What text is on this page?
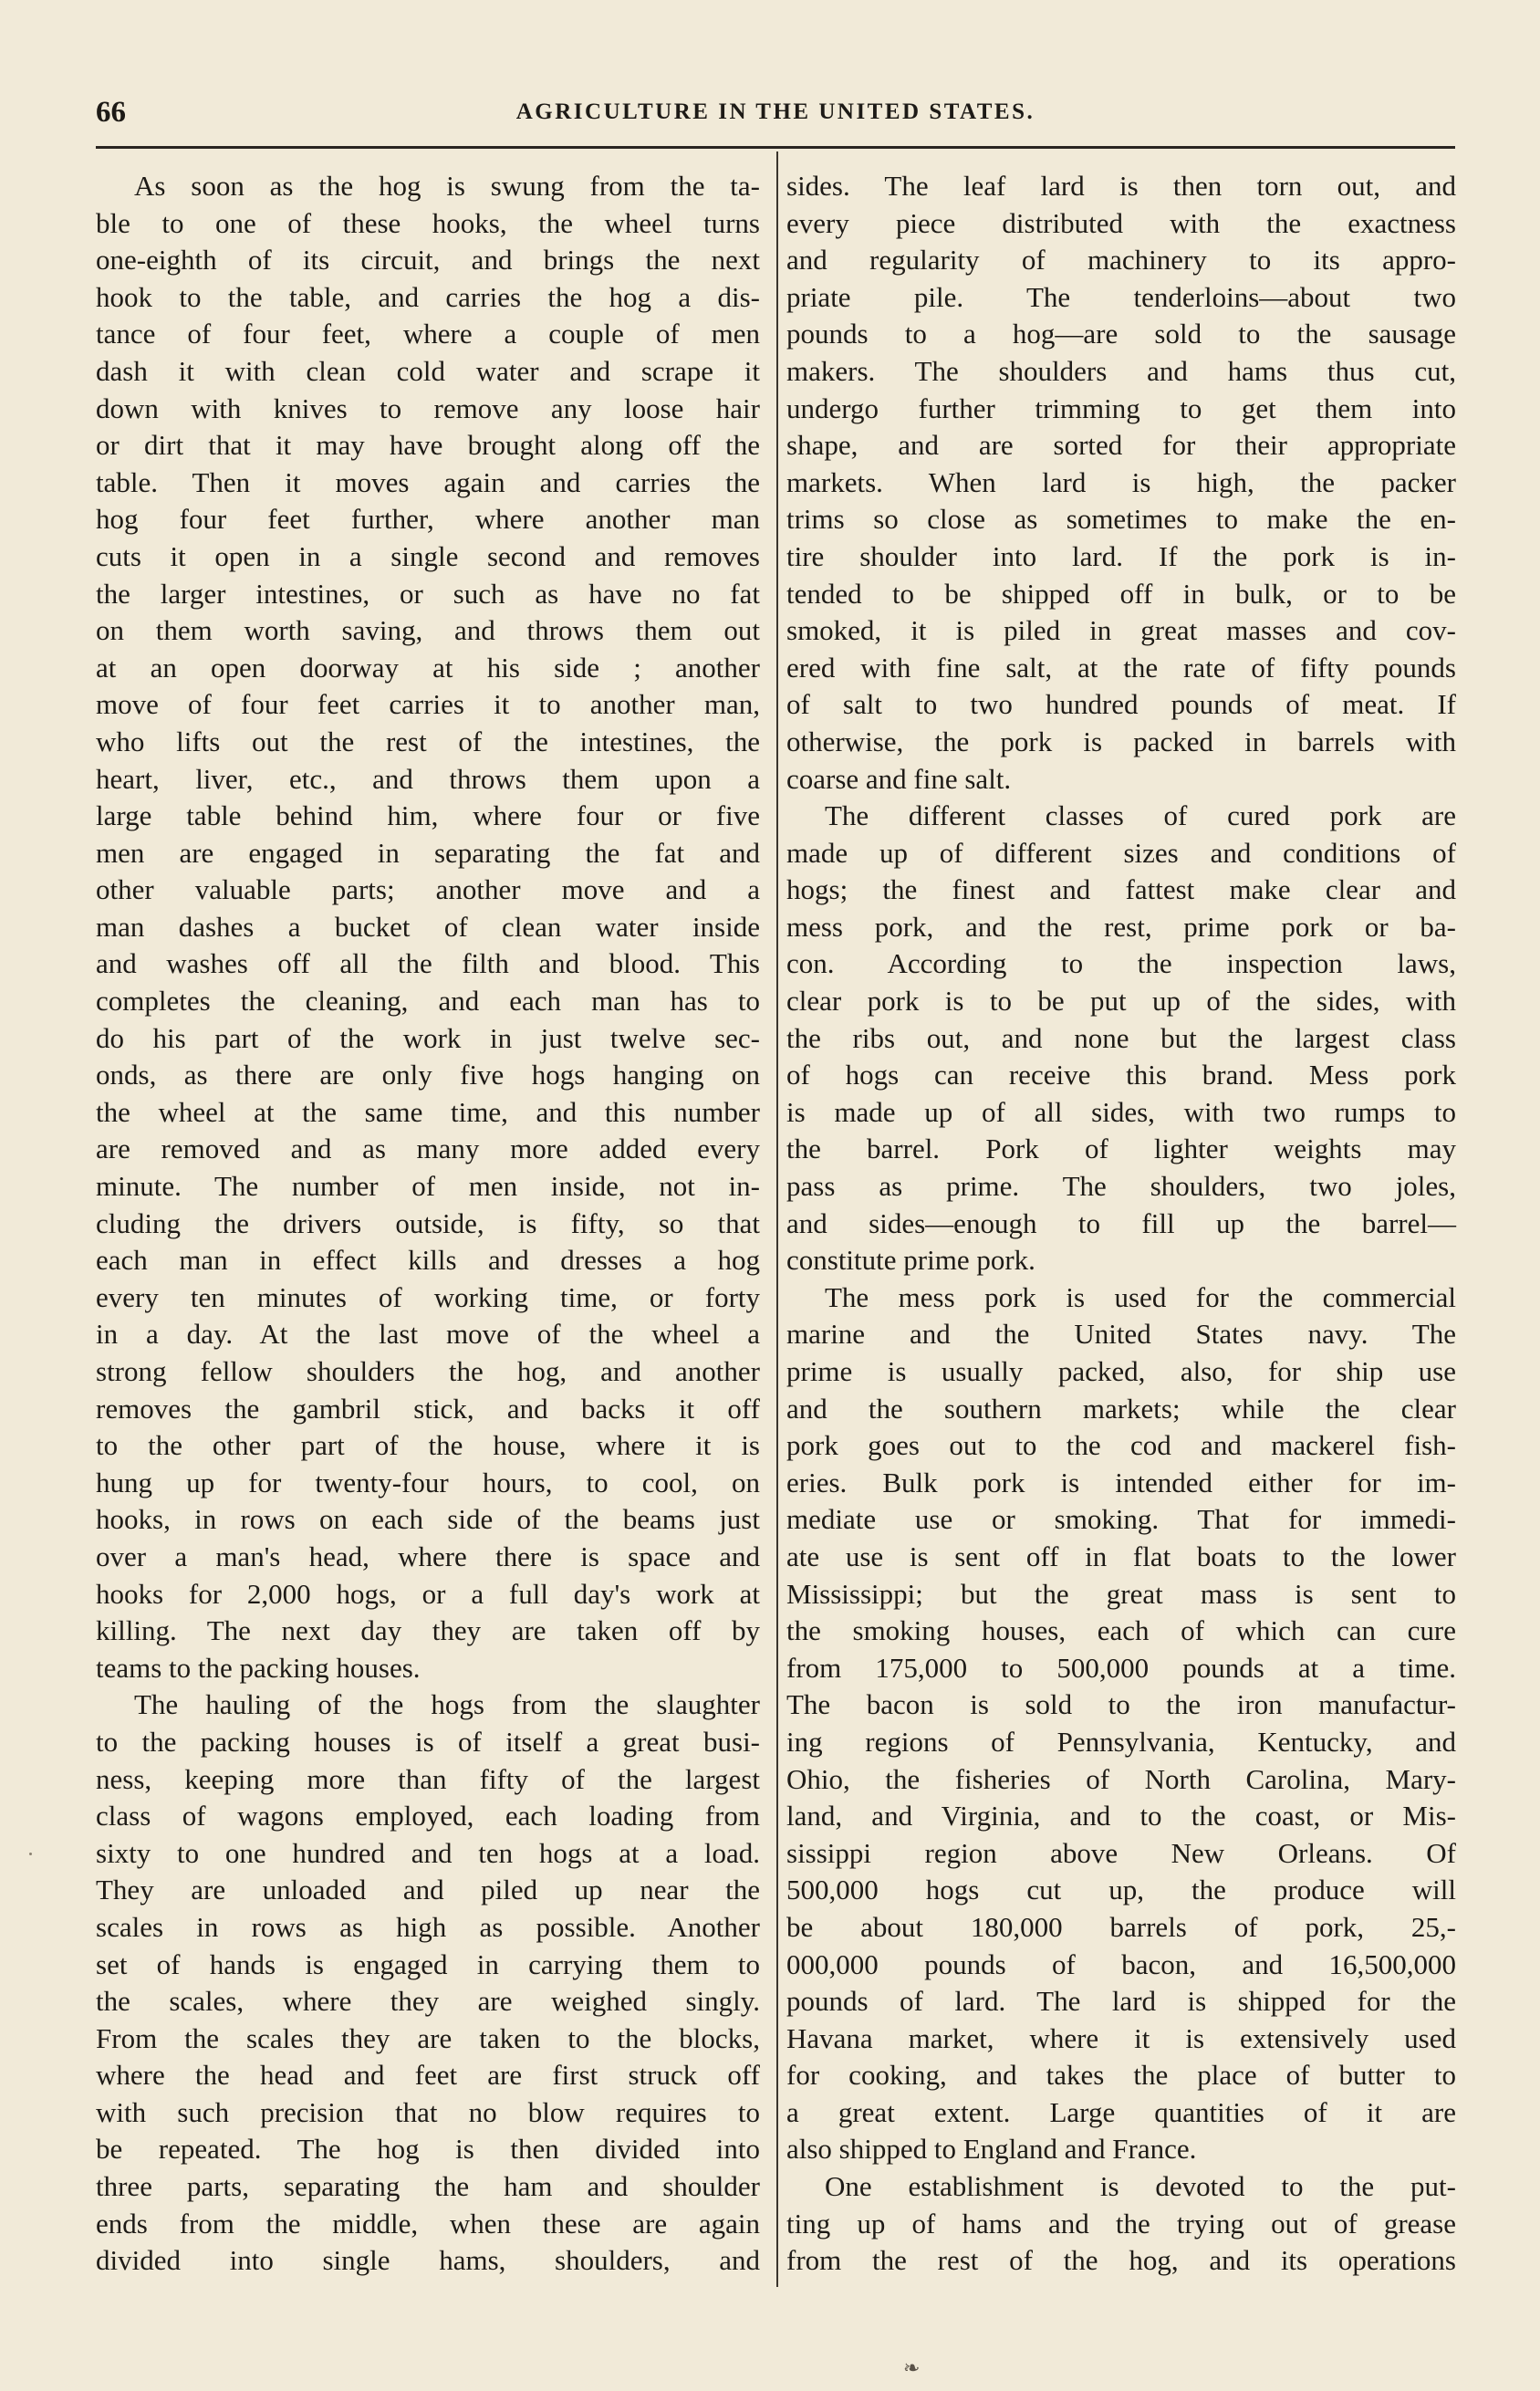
66	AGRICULTURE IN THE UNITED STATES.
As soon as the hog is swung from the ta-
ble to one of these hooks, the wheel turns
one-eighth of its circuit, and brings the next
hook to the table, and carries the hog a dis-
tance of four feet, where a couple of men
dash it with clean cold water and scrape it
down with knives to remove any loose hair
or dirt that it may have brought along off the
table. Then it moves again and carries the
hog four feet further, where another man
cuts it open in a single second and removes
the larger intestines, or such as have no fat
on them worth saving, and throws them out
at an open doorway at his side ; another
move of four feet carries it to another man,
who lifts out the rest of the intestines, the
heart, liver, etc., and throws them upon a
large table behind him, where four or five
men are engaged in separating the fat and
other valuable parts; another move and a
man dashes a bucket of clean water inside
and washes off all the filth and blood. This
completes the cleaning, and each man has to
do his part of the work in just twelve sec-
onds, as there are only five hogs hanging on
the wheel at the same time, and this number
are removed and as many more added every
minute. The number of men inside, not in-
cluding the drivers outside, is fifty, so that
each man in effect kills and dresses a hog
every ten minutes of working time, or forty
in a day. At the last move of the wheel a
strong fellow shoulders the hog, and another
removes the gambril stick, and backs it off
to the other part of the house, where it is
hung up for twenty-four hours, to cool, on
hooks, in rows on each side of the beams just
over a man's head, where there is space and
hooks for 2,000 hogs, or a full day's work at
killing. The next day they are taken off by
teams to the packing houses.
The hauling of the hogs from the slaughter
to the packing houses is of itself a great busi-
ness, keeping more than fifty of the largest
class of wagons employed, each loading from
sixty to one hundred and ten hogs at a load.
They are unloaded and piled up near the
scales in rows as high as possible. Another
set of hands is engaged in carrying them to
the scales, where they are weighed singly.
From the scales they are taken to the blocks,
where the head and feet are first struck off
with such precision that no blow requires to
be repeated. The hog is then divided into
three parts, separating the ham and shoulder
ends from the middle, when these are again
divided into single hams, shoulders, and
sides. The leaf lard is then torn out, and
every piece distributed with the exactness
and regularity of machinery to its appro-
priate pile. The tenderloins—about two
pounds to a hog—are sold to the sausage
makers. The shoulders and hams thus cut,
undergo further trimming to get them into
shape, and are sorted for their appropriate
markets. When lard is high, the packer
trims so close as sometimes to make the en-
tire shoulder into lard. If the pork is in-
tended to be shipped off in bulk, or to be
smoked, it is piled in great masses and cov-
ered with fine salt, at the rate of fifty pounds
of salt to two hundred pounds of meat. If
otherwise, the pork is packed in barrels with
coarse and fine salt.
The different classes of cured pork are
made up of different sizes and conditions of
hogs; the finest and fattest make clear and
mess pork, and the rest, prime pork or ba-
con. According to the inspection laws,
clear pork is to be put up of the sides, with
the ribs out, and none but the largest class
of hogs can receive this brand. Mess pork
is made up of all sides, with two rumps to
the barrel. Pork of lighter weights may
pass as prime. The shoulders, two joles,
and sides—enough to fill up the barrel—
constitute prime pork.
The mess pork is used for the commercial
marine and the United States navy. The
prime is usually packed, also, for ship use
and the southern markets; while the clear
pork goes out to the cod and mackerel fish-
eries. Bulk pork is intended either for im-
mediate use or smoking. That for immedi-
ate use is sent off in flat boats to the lower
Mississippi; but the great mass is sent to
the smoking houses, each of which can cure
from 175,000 to 500,000 pounds at a time.
The bacon is sold to the iron manufactur-
ing regions of Pennsylvania, Kentucky, and
Ohio, the fisheries of North Carolina, Mary-
land, and Virginia, and to the coast, or Mis-
sissippi region above New Orleans. Of
500,000 hogs cut up, the produce will
be about 180,000 barrels of pork, 25,-
000,000 pounds of bacon, and 16,500,000
pounds of lard. The lard is shipped for the
Havana market, where it is extensively used
for cooking, and takes the place of butter to
a great extent. Large quantities of it are
also shipped to England and France.
One establishment is devoted to the put-
ting up of hams and the trying out of grease
from the rest of the hog, and its operations
❧
